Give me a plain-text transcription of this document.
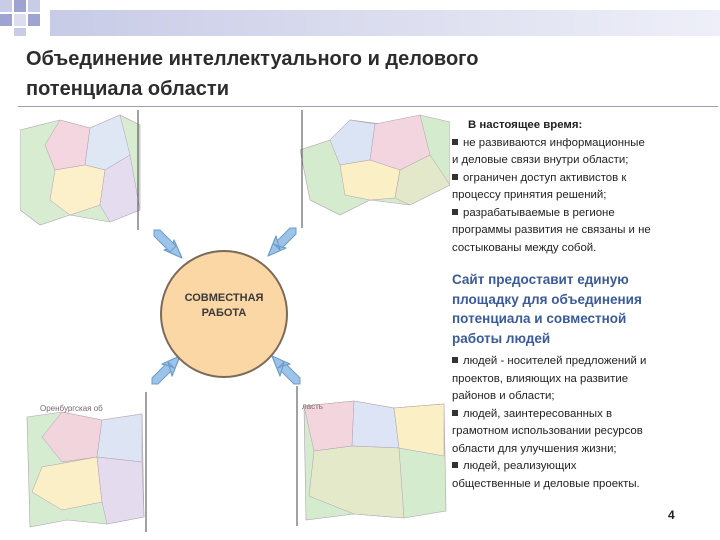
Объединение интеллектуального и делового
потенциала области
Оренбургская об	ласть
СОВМЕСТНАЯ
РАБОТА
В настоящее время:
не развиваются информационные
и деловые связи внутри области;
ограничен доступ активистов к
процессу принятия решений;
разрабатываемые в регионе
программы развития не связаны и не
состыкованы между собой.
Сайт предоставит единую
площадку для объединения
потенциала и совместной
работы людей
людей - носителей предложений и
проектов, влияющих на развитие
районов и области;
людей, заинтересованных в
грамотном использовании ресурсов
области для улучшения жизни;
людей, реализующих
общественные и деловые проекты.
4
